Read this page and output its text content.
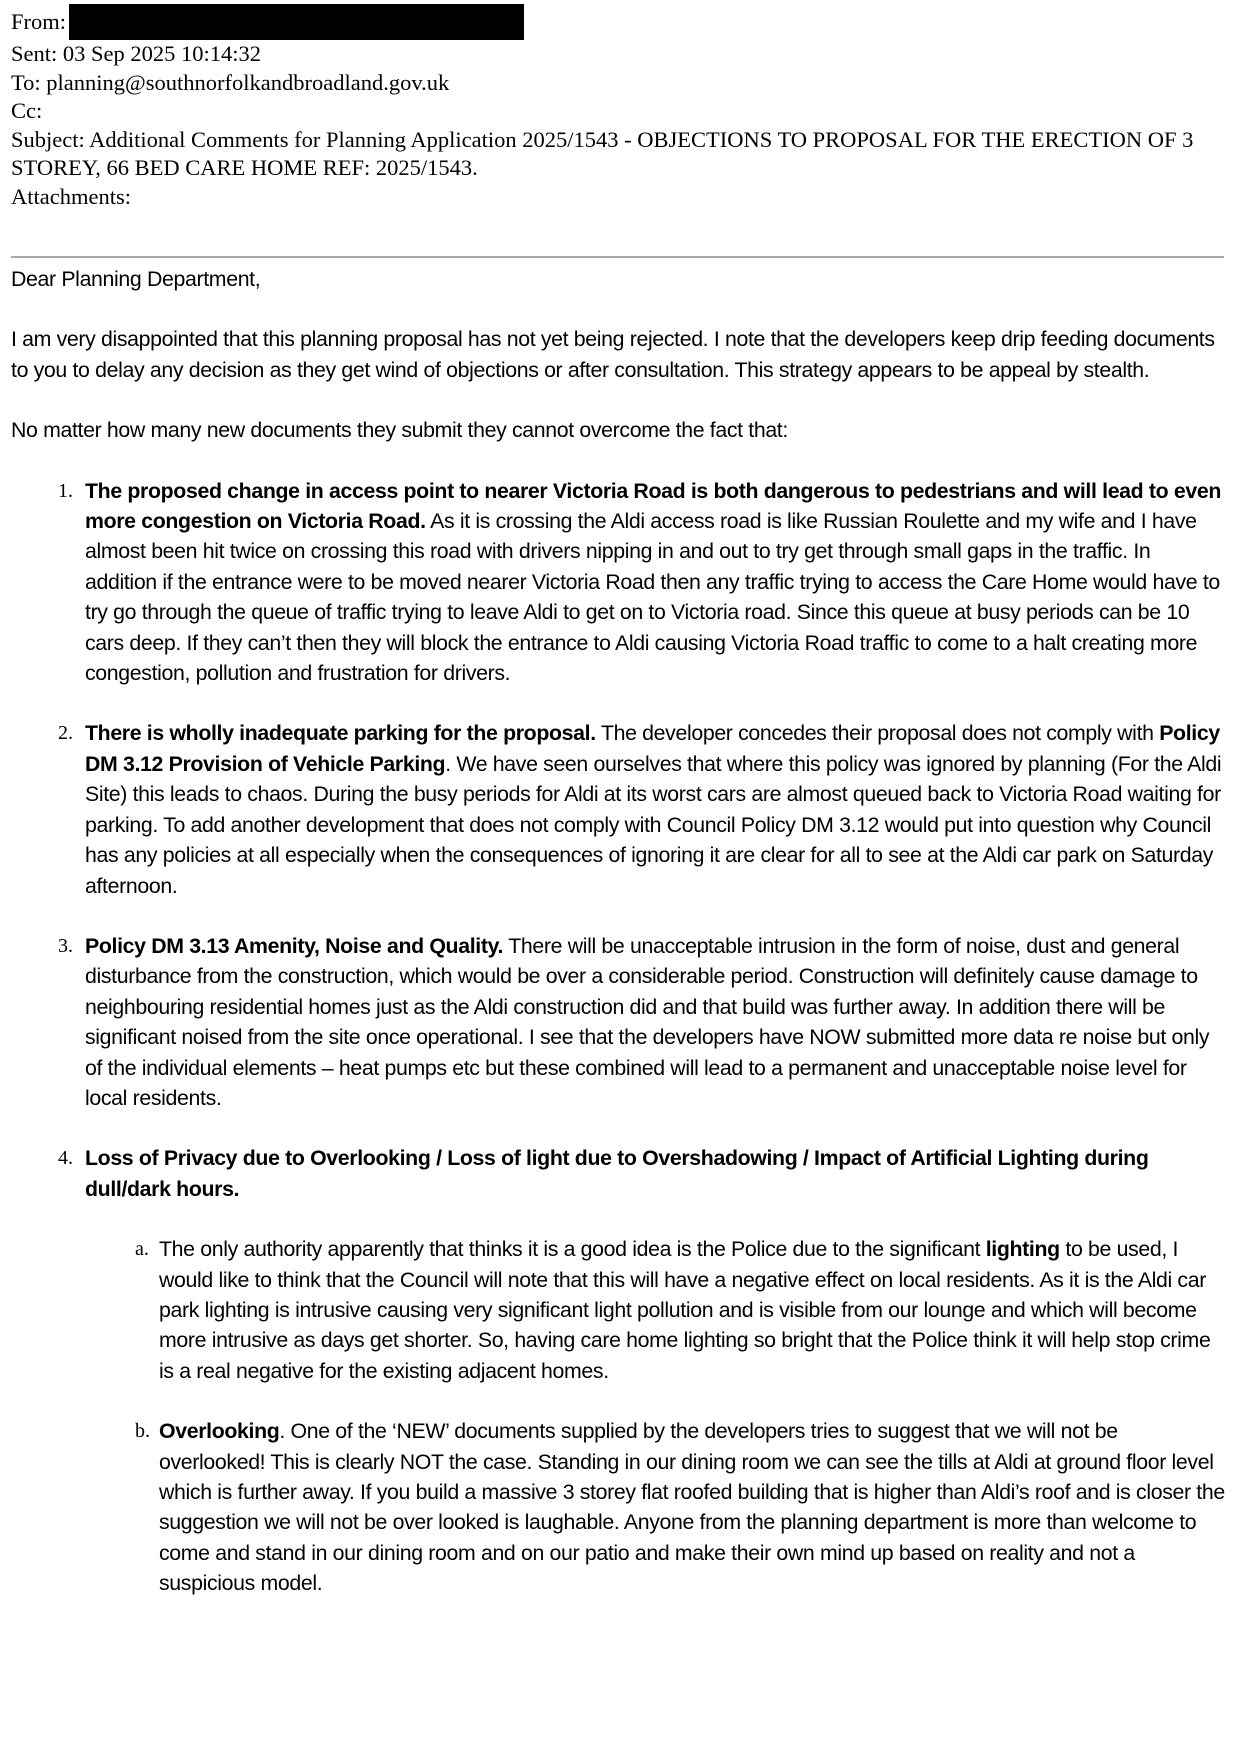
From:
Sent: 03 Sep 2025 10:14:32
To: planning@southnorfolkandbroadland.gov.uk
Cc:
Subject: Additional Comments for Planning Application 2025/1543 - OBJECTIONS TO PROPOSAL FOR THE ERECTION OF 3 STOREY, 66 BED CARE HOME REF: 2025/1543.
Attachments:

Dear Planning Department,

I am very disappointed that this planning proposal has not yet being rejected. I note that the developers keep drip feeding documents to you to delay any decision as they get wind of objections or after consultation. This strategy appears to be appeal by stealth.

No matter how many new documents they submit they cannot overcome the fact that:

1. The proposed change in access point to nearer Victoria Road is both dangerous to pedestrians and will lead to even more congestion on Victoria Road. As it is crossing the Aldi access road is like Russian Roulette and my wife and I have almost been hit twice on crossing this road with drivers nipping in and out to try get through small gaps in the traffic. In addition if the entrance were to be moved nearer Victoria Road then any traffic trying to access the Care Home would have to try go through the queue of traffic trying to leave Aldi to get on to Victoria road. Since this queue at busy periods can be 10 cars deep. If they can’t then they will block the entrance to Aldi causing Victoria Road traffic to come to a halt creating more congestion, pollution and frustration for drivers.
2. There is wholly inadequate parking for the proposal. The developer concedes their proposal does not comply with Policy DM 3.12 Provision of Vehicle Parking. We have seen ourselves that where this policy was ignored by planning (For the Aldi Site) this leads to chaos. During the busy periods for Aldi at its worst cars are almost queued back to Victoria Road waiting for parking. To add another development that does not comply with Council Policy DM 3.12 would put into question why Council has any policies at all especially when the consequences of ignoring it are clear for all to see at the Aldi car park on Saturday afternoon.
3. Policy DM 3.13 Amenity, Noise and Quality. There will be unacceptable intrusion in the form of noise, dust and general disturbance from the construction, which would be over a considerable period. Construction will definitely cause damage to neighbouring residential homes just as the Aldi construction did and that build was further away. In addition there will be significant noised from the site once operational. I see that the developers have NOW submitted more data re noise but only of the individual elements – heat pumps etc but these combined will lead to a permanent and unacceptable noise level for local residents.
4. Loss of Privacy due to Overlooking / Loss of light due to Overshadowing / Impact of Artificial Lighting during dull/dark hours.
a. The only authority apparently that thinks it is a good idea is the Police due to the significant lighting to be used, I would like to think that the Council will note that this will have a negative effect on local residents. As it is the Aldi car park lighting is intrusive causing very significant light pollution and is visible from our lounge and which will become more intrusive as days get shorter. So, having care home lighting so bright that the Police think it will help stop crime is a real negative for the existing adjacent homes.
b. Overlooking. One of the ‘NEW’ documents supplied by the developers tries to suggest that we will not be overlooked! This is clearly NOT the case. Standing in our dining room we can see the tills at Aldi at ground floor level which is further away. If you build a massive 3 storey flat roofed building that is higher than Aldi’s roof and is closer the suggestion we will not be over looked is laughable. Anyone from the planning department is more than welcome to come and stand in our dining room and on our patio and make their own mind up based on reality and not a suspicious model.
